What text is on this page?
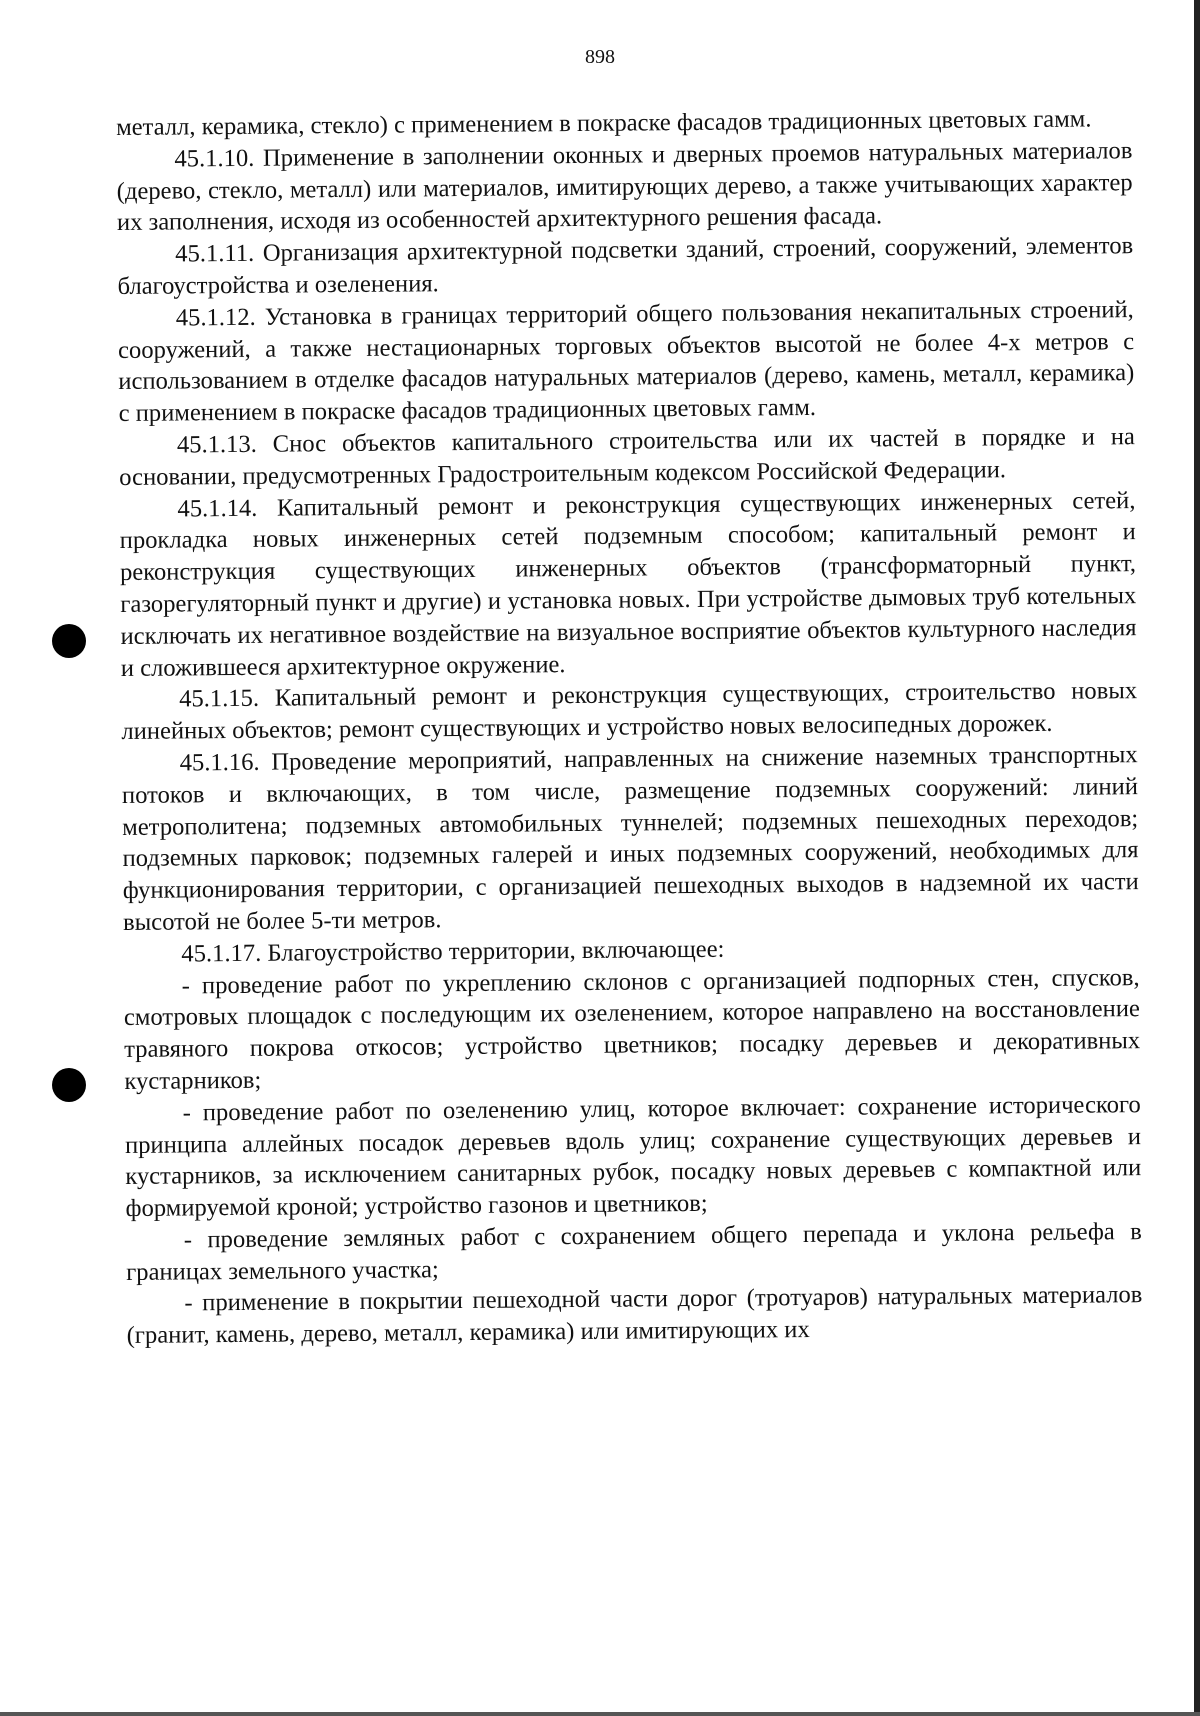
898

металл, керамика, стекло) с применением в покраске фасадов традиционных цветовых гамм.

45.1.10. Применение в заполнении оконных и дверных проемов натуральных материалов (дерево, стекло, металл) или материалов, имитирующих дерево, а также учитывающих характер их заполнения, исходя из особенностей архитектурного решения фасада.

45.1.11. Организация архитектурной подсветки зданий, строений, сооружений, элементов благоустройства и озеленения.

45.1.12. Установка в границах территорий общего пользования некапитальных строений, сооружений, а также нестационарных торговых объектов высотой не более 4-х метров с использованием в отделке фасадов натуральных материалов (дерево, камень, металл, керамика) с применением в покраске фасадов традиционных цветовых гамм.

45.1.13. Снос объектов капитального строительства или их частей в порядке и на основании, предусмотренных Градостроительным кодексом Российской Федерации.

45.1.14. Капитальный ремонт и реконструкция существующих инженерных сетей, прокладка новых инженерных сетей подземным способом; капитальный ремонт и реконструкция существующих инженерных объектов (трансформаторный пункт, газорегуляторный пункт и другие) и установка новых. При устройстве дымовых труб котельных исключать их негативное воздействие на визуальное восприятие объектов культурного наследия и сложившееся архитектурное окружение.

45.1.15. Капитальный ремонт и реконструкция существующих, строительство новых линейных объектов; ремонт существующих и устройство новых велосипедных дорожек.

45.1.16. Проведение мероприятий, направленных на снижение наземных транспортных потоков и включающих, в том числе, размещение подземных сооружений: линий метрополитена; подземных автомобильных туннелей; подземных пешеходных переходов; подземных парковок; подземных галерей и иных подземных сооружений, необходимых для функционирования территории, с организацией пешеходных выходов в надземной их части высотой не более 5-ти метров.

45.1.17. Благоустройство территории, включающее:

- проведение работ по укреплению склонов с организацией подпорных стен, спусков, смотровых площадок с последующим их озеленением, которое направлено на восстановление травяного покрова откосов; устройство цветников; посадку деревьев и декоративных кустарников;

- проведение работ по озеленению улиц, которое включает: сохранение исторического принципа аллейных посадок деревьев вдоль улиц; сохранение существующих деревьев и кустарников, за исключением санитарных рубок, посадку новых деревьев с компактной или формируемой кроной; устройство газонов и цветников;

- проведение земляных работ с сохранением общего перепада и уклона рельефа в границах земельного участка;

- применение в покрытии пешеходной части дорог (тротуаров) натуральных материалов (гранит, камень, дерево, металл, керамика) или имитирующих их
